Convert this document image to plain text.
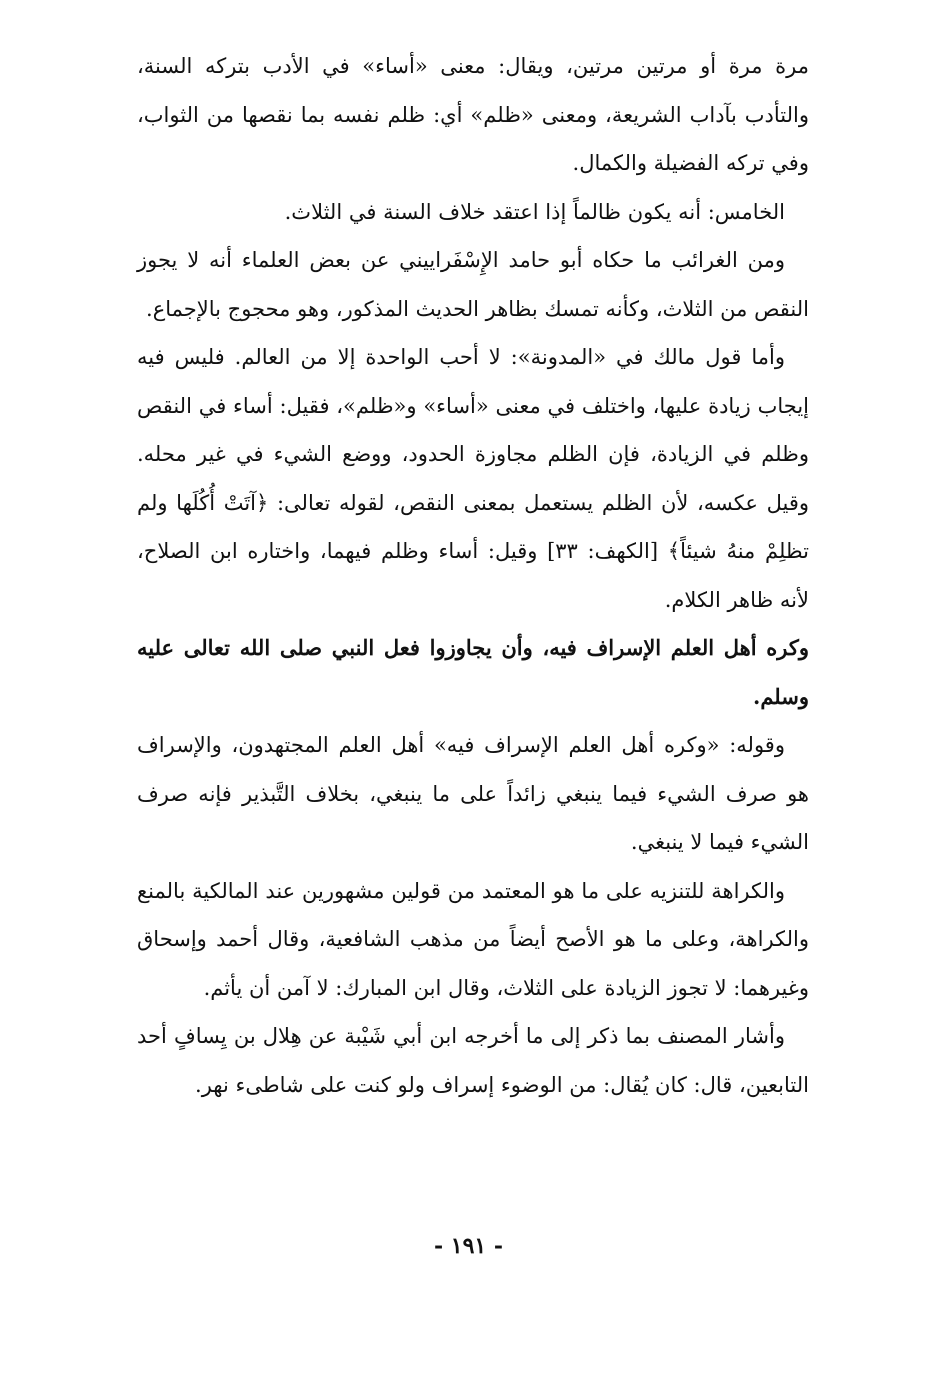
مرة مرة أو مرتين مرتين، ويقال: معنى «أساء» في الأدب بتركه السنة، والتأدب بآداب الشريعة، ومعنى «ظلم» أي: ظلم نفسه بما نقصها من الثواب، وفي تركه الفضيلة والكمال.

الخامس: أنه يكون ظالماً إذا اعتقد خلاف السنة في الثلاث.

ومن الغرائب ما حكاه أبو حامد الإِسْفَراييني عن بعض العلماء أنه لا يجوز النقص من الثلاث، وكأنه تمسك بظاهر الحديث المذكور، وهو محجوج بالإجماع.

وأما قول مالك في «المدونة»: لا أحب الواحدة إلا من العالم. فليس فيه إيجاب زيادة عليها، واختلف في معنى «أساء» و«ظلم»، فقيل: أساء في النقص وظلم في الزيادة، فإن الظلم مجاوزة الحدود، ووضع الشيء في غير محله. وقيل عكسه، لأن الظلم يستعمل بمعنى النقص، لقوله تعالى: ﴿آتَتْ أُكُلَها ولم تظلِمْ منهُ شيئاً﴾ [الكهف: ٣٣] وقيل: أساء وظلم فيهما، واختاره ابن الصلاح، لأنه ظاهر الكلام.

وكره أهل العلم الإسراف فيه، وأن يجاوزوا فعل النبي صلى الله تعالى عليه وسلم.

وقوله: «وكره أهل العلم الإسراف فيه» أهل العلم المجتهدون، والإسراف هو صرف الشيء فيما ينبغي زائداً على ما ينبغي، بخلاف التَّبذير فإنه صرف الشيء فيما لا ينبغي.

والكراهة للتنزيه على ما هو المعتمد من قولين مشهورين عند المالكية بالمنع والكراهة، وعلى ما هو الأصح أيضاً من مذهب الشافعية، وقال أحمد وإسحاق وغيرهما: لا تجوز الزيادة على الثلاث، وقال ابن المبارك: لا آمن أن يأثم.

وأشار المصنف بما ذكر إلى ما أخرجه ابن أبي شَيْبة عن هِلال بن يِسافٍ أحد التابعين، قال: كان يُقال: من الوضوء إسراف ولو كنت على شاطىء نهر.

- ١٩١ -
